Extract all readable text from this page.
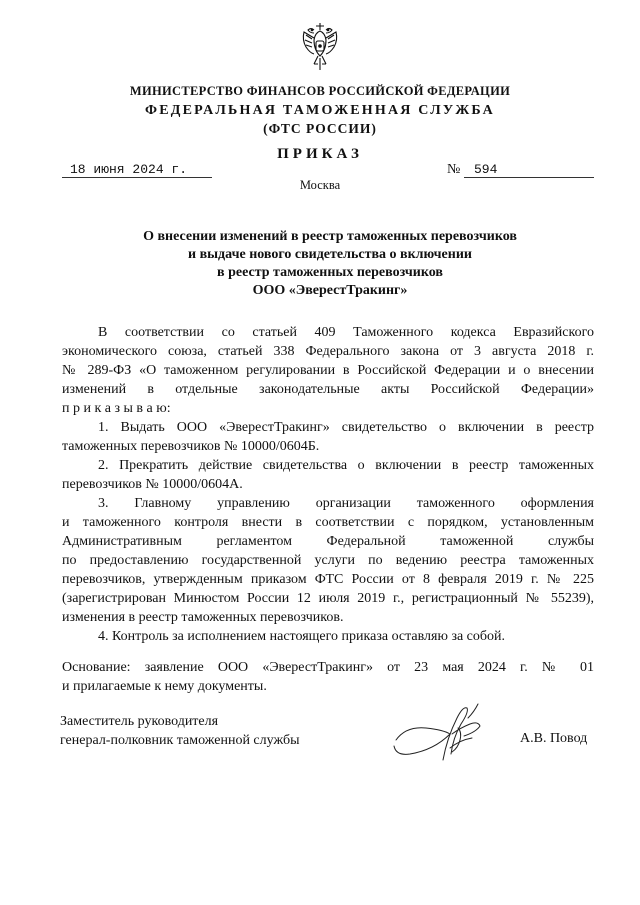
МИНИСТЕРСТВО ФИНАНСОВ РОССИЙСКОЙ ФЕДЕРАЦИИ
ФЕДЕРАЛЬНАЯ ТАМОЖЕННАЯ СЛУЖБА
(ФТС РОССИИ)
ПРИКАЗ
18 июня 2024 г.	№ 594
Москва
О внесении изменений в реестр таможенных перевозчиков
и выдаче нового свидетельства о включении
в реестр таможенных перевозчиков
ООО «ЭверестТракинг»
В соответствии со статьей 409 Таможенного кодекса Евразийского
экономического союза, статьей 338 Федерального закона от 3 августа 2018 г.
№ 289-ФЗ «О таможенном регулировании в Российской Федерации и о внесении
изменений в отдельные законодательные акты Российской Федерации»
п р и к а з ы в а ю:
1. Выдать ООО «ЭверестТракинг» свидетельство о включении в реестр
таможенных перевозчиков № 10000/0604Б.
2. Прекратить действие свидетельства о включении в реестр таможенных
перевозчиков № 10000/0604А.
3. Главному управлению организации таможенного оформления
и таможенного контроля внести в соответствии с порядком, установленным
Административным регламентом Федеральной таможенной службы
по предоставлению государственной услуги по ведению реестра таможенных
перевозчиков, утвержденным приказом ФТС России от 8 февраля 2019 г. № 225
(зарегистрирован Минюстом России 12 июля 2019 г., регистрационный № 55239),
изменения в реестр таможенных перевозчиков.
4. Контроль за исполнением настоящего приказа оставляю за собой.
Основание: заявление ООО «ЭверестТракинг» от 23 мая 2024 г. № 01
и прилагаемые к нему документы.
Заместитель руководителя
генерал-полковник таможенной службы	А.В. Повод
